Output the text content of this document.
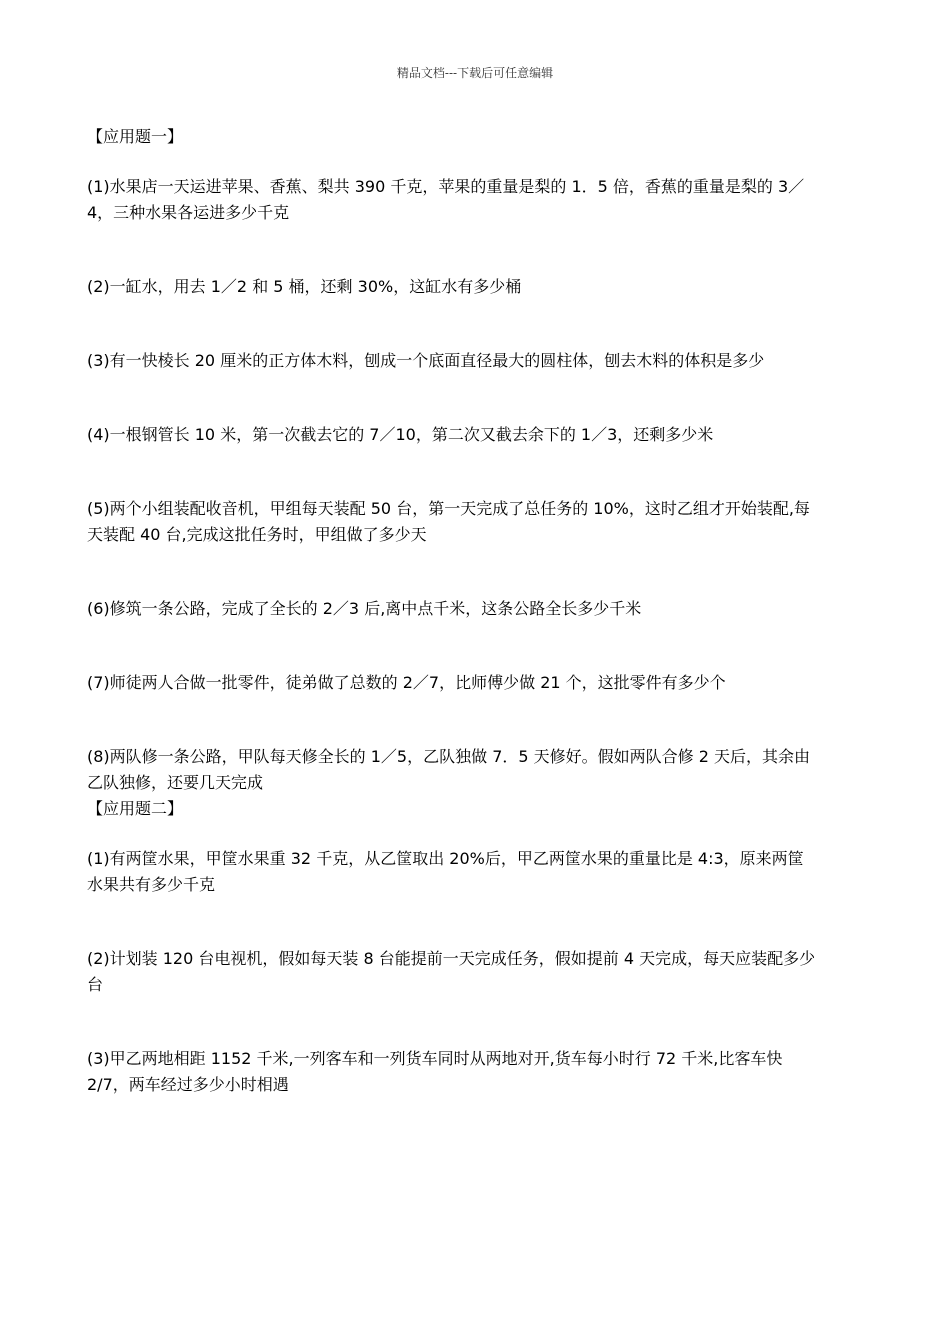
精品文档---下载后可任意编辑
【应用题一】

(1)水果店一天运进苹果、香蕉、梨共 390 千克，苹果的重量是梨的 1．5 倍，香蕉的重量是梨的 3／4，三种水果各运进多少千克

(2)一缸水，用去 1／2 和 5 桶，还剩 30%，这缸水有多少桶

(3)有一快棱长 20 厘米的正方体木料，刨成一个底面直径最大的圆柱体，刨去木料的体积是多少

(4)一根钢管长 10 米，第一次截去它的 7／10，第二次又截去余下的 1／3，还剩多少米

(5)两个小组装配收音机，甲组每天装配 50 台，第一天完成了总任务的 10%，这时乙组才开始装配,每天装配 40 台,完成这批任务时，甲组做了多少天

(6)修筑一条公路，完成了全长的 2／3 后,离中点千米，这条公路全长多少千米

(7)师徒两人合做一批零件，徒弟做了总数的 2／7，比师傅少做 21 个，这批零件有多少个

(8)两队修一条公路，甲队每天修全长的 1／5，乙队独做 7．5 天修好。假如两队合修 2 天后，其余由乙队独修，还要几天完成

【应用题二】

(1)有两筐水果，甲筐水果重 32 千克，从乙筐取出 20%后，甲乙两筐水果的重量比是 4:3，原来两筐水果共有多少千克

(2)计划装 120 台电视机，假如每天装 8 台能提前一天完成任务，假如提前 4 天完成，每天应装配多少台

(3)甲乙两地相距 1152 千米,一列客车和一列货车同时从两地对开,货车每小时行 72 千米,比客车快 2/7，两车经过多少小时相遇
